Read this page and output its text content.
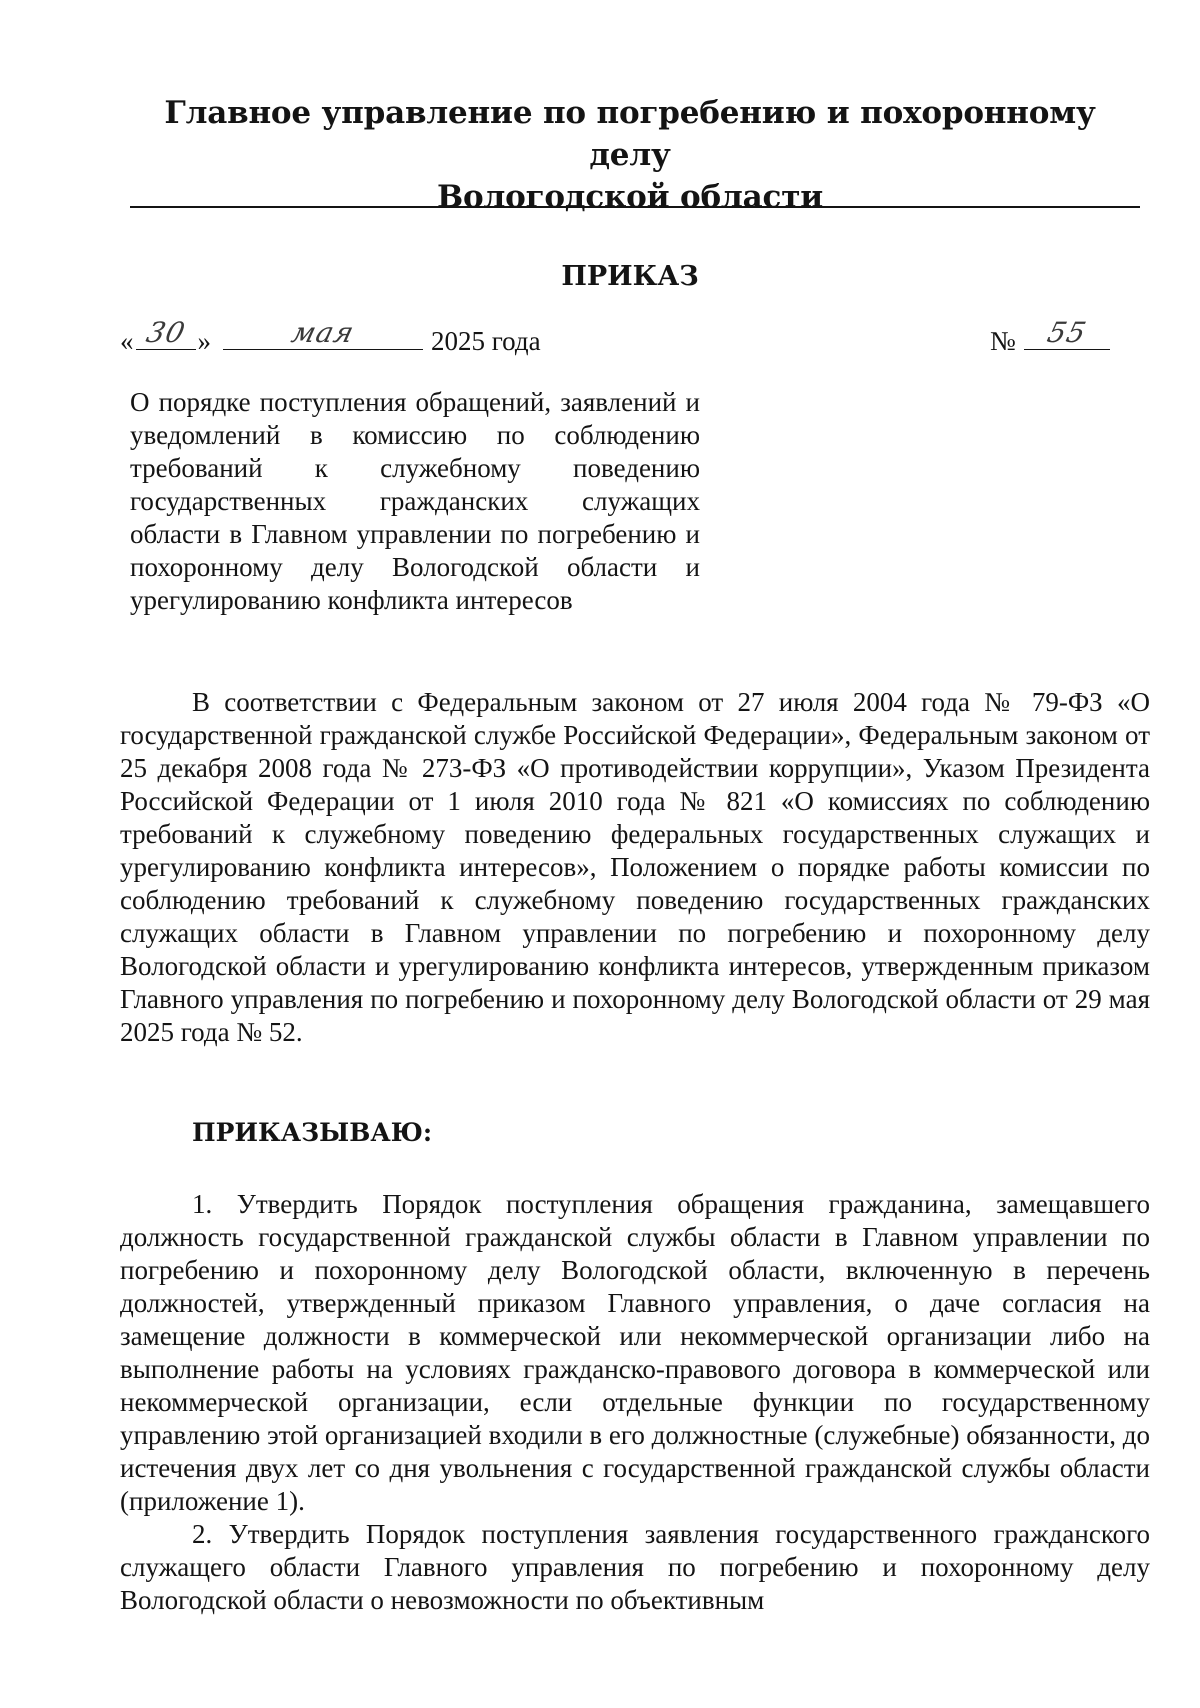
Главное управление по погребению и похоронному делу
Вологодской области
ПРИКАЗ
« 30 »	мая	2025 года	№ 55
О порядке поступления обращений, заявлений и уведомлений в комиссию по соблюдению требований к служебному поведению государственных гражданских служащих области в Главном управлении по погребению и похоронному делу Вологодской области и урегулированию конфликта интересов
В соответствии с Федеральным законом от 27 июля 2004 года № 79-ФЗ «О государственной гражданской службе Российской Федерации», Федеральным законом от 25 декабря 2008 года № 273-ФЗ «О противодействии коррупции», Указом Президента Российской Федерации от 1 июля 2010 года № 821 «О комиссиях по соблюдению требований к служебному поведению федеральных государственных служащих и урегулированию конфликта интересов», Положением о порядке работы комиссии по соблюдению требований к служебному поведению государственных гражданских служащих области в Главном управлении по погребению и похоронному делу Вологодской области и урегулированию конфликта интересов, утвержденным приказом Главного управления по погребению и похоронному делу Вологодской области от 29 мая 2025 года № 52.
ПРИКАЗЫВАЮ:
1. Утвердить Порядок поступления обращения гражданина, замещавшего должность государственной гражданской службы области в Главном управлении по погребению и похоронному делу Вологодской области, включенную в перечень должностей, утвержденный приказом Главного управления, о даче согласия на замещение должности в коммерческой или некоммерческой организации либо на выполнение работы на условиях гражданско-правового договора в коммерческой или некоммерческой организации, если отдельные функции по государственному управлению этой организацией входили в его должностные (служебные) обязанности, до истечения двух лет со дня увольнения с государственной гражданской службы области (приложение 1).
2. Утвердить Порядок поступления заявления государственного гражданского служащего области Главного управления по погребению и похоронному делу Вологодской области о невозможности по объективным
